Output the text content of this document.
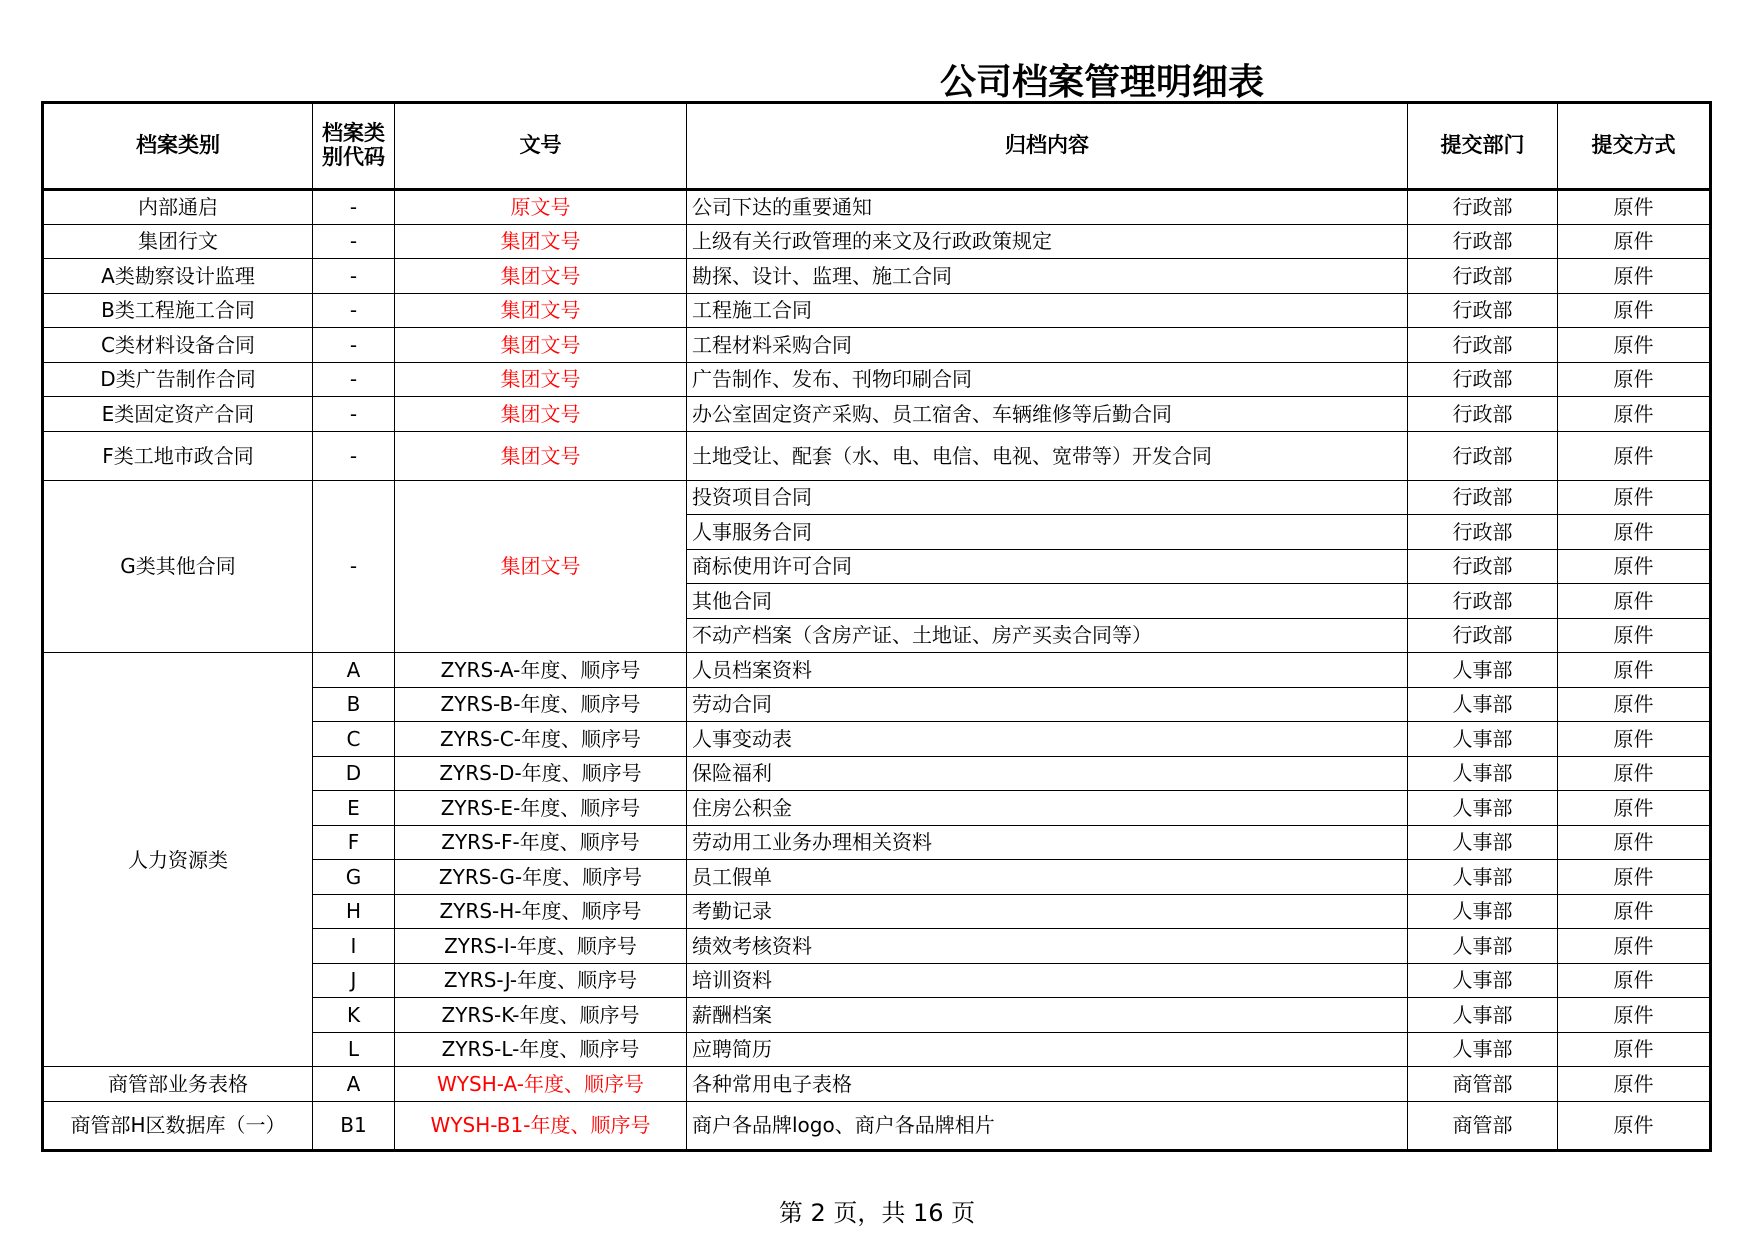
公司档案管理明细表
档案类别	档案类别代码	文号	归档内容	提交部门	提交方式
内部通启	-	原文号	公司下达的重要通知	行政部	原件
集团行文	-	集团文号	上级有关行政管理的来文及行政政策规定	行政部	原件
A类勘察设计监理	-	集团文号	勘探、设计、监理、施工合同	行政部	原件
B类工程施工合同	-	集团文号	工程施工合同	行政部	原件
C类材料设备合同	-	集团文号	工程材料采购合同	行政部	原件
D类广告制作合同	-	集团文号	广告制作、发布、刊物印刷合同	行政部	原件
E类固定资产合同	-	集团文号	办公室固定资产采购、员工宿舍、车辆维修等后勤合同	行政部	原件
F类工地市政合同	-	集团文号	土地受让、配套（水、电、电信、电视、宽带等）开发合同	行政部	原件
G类其他合同	-	集团文号	投资项目合同	行政部	原件
			人事服务合同	行政部	原件
			商标使用许可合同	行政部	原件
			其他合同	行政部	原件
			不动产档案（含房产证、土地证、房产买卖合同等）	行政部	原件
人力资源类	A	ZYRS-A-年度、顺序号	人员档案资料	人事部	原件
	B	ZYRS-B-年度、顺序号	劳动合同	人事部	原件
	C	ZYRS-C-年度、顺序号	人事变动表	人事部	原件
	D	ZYRS-D-年度、顺序号	保险福利	人事部	原件
	E	ZYRS-E-年度、顺序号	住房公积金	人事部	原件
	F	ZYRS-F-年度、顺序号	劳动用工业务办理相关资料	人事部	原件
	G	ZYRS-G-年度、顺序号	员工假单	人事部	原件
	H	ZYRS-H-年度、顺序号	考勤记录	人事部	原件
	I	ZYRS-I-年度、顺序号	绩效考核资料	人事部	原件
	J	ZYRS-J-年度、顺序号	培训资料	人事部	原件
	K	ZYRS-K-年度、顺序号	薪酬档案	人事部	原件
	L	ZYRS-L-年度、顺序号	应聘简历	人事部	原件
商管部业务表格	A	WYSH-A-年度、顺序号	各种常用电子表格	商管部	原件
商管部H区数据库（一）	B1	WYSH-B1-年度、顺序号	商户各品牌logo、商户各品牌相片	商管部	原件
第 2 页，共 16 页
